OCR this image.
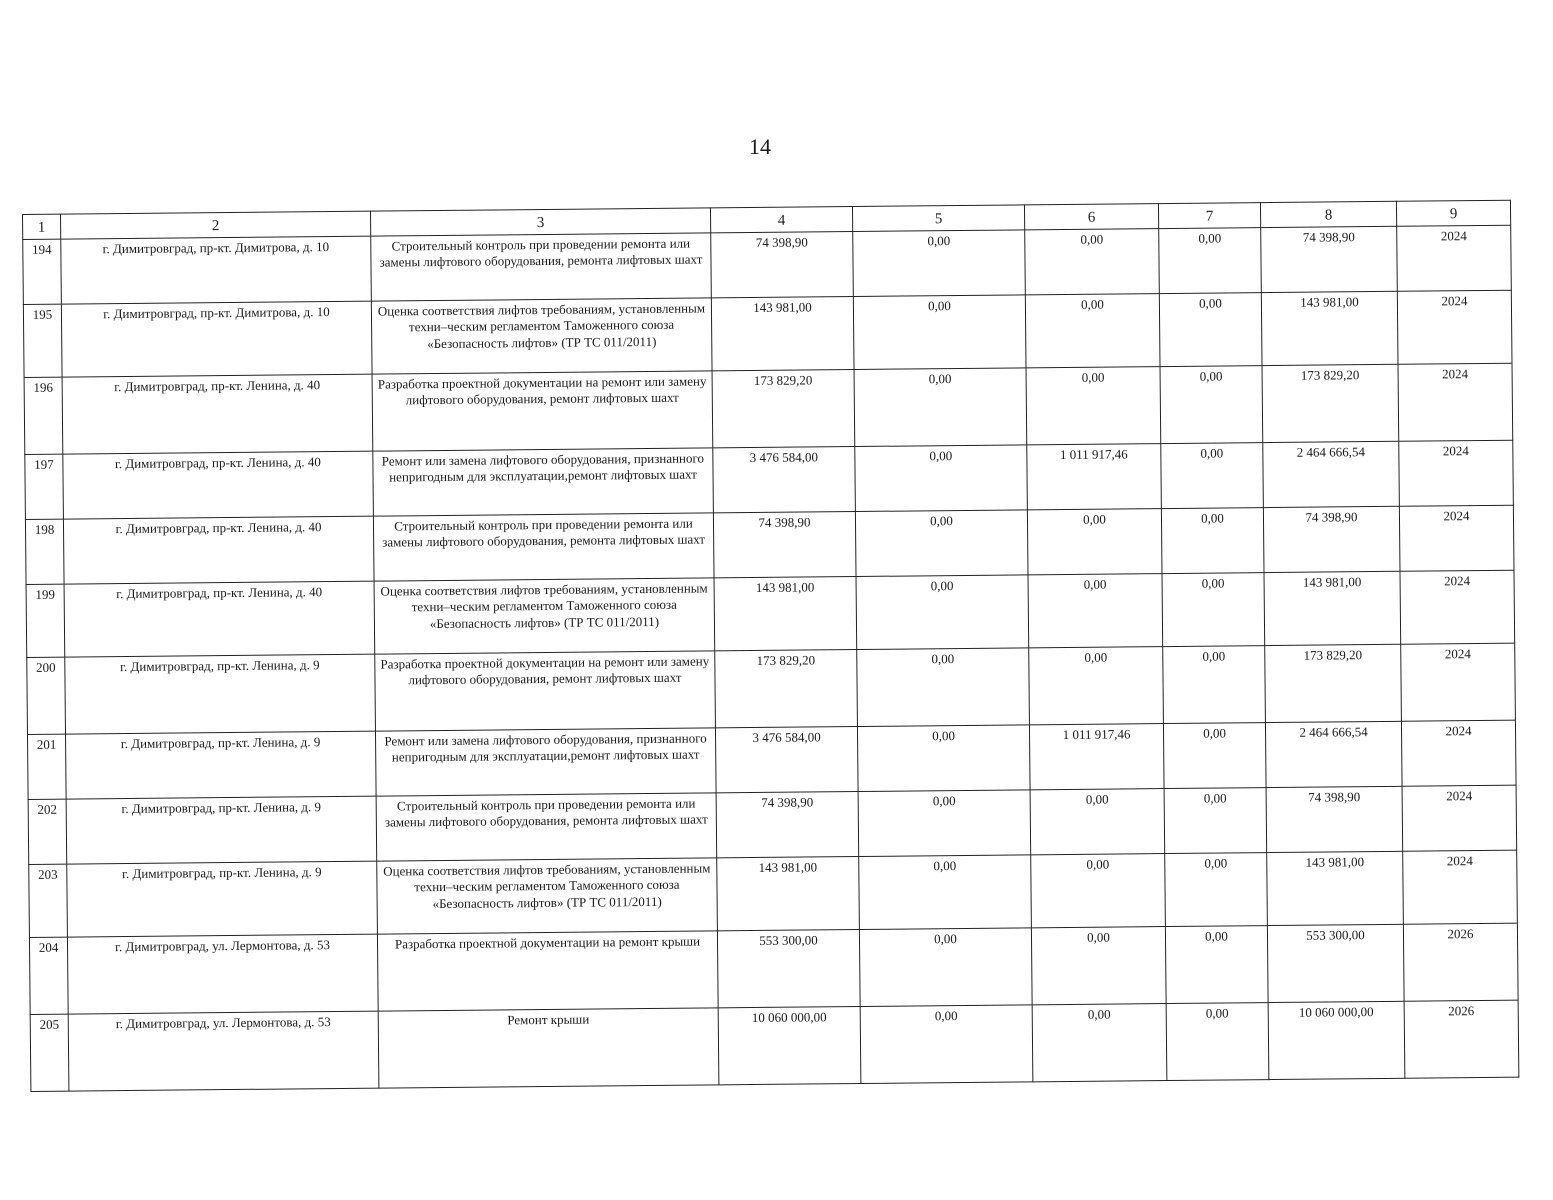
14
1	2	3	4	5	6	7	8	9
194	г. Димитровград, пр-кт. Димитрова, д. 10	Строительный контроль при проведении ремонта или замены лифтового оборудования, ремонта лифтовых шахт	74 398,90	0,00	0,00	0,00	74 398,90	2024
195	г. Димитровград, пр-кт. Димитрова, д. 10	Оценка соответствия лифтов требованиям, установленным техни–ческим регламентом Таможенного союза «Безопасность лифтов» (ТР ТС 011/2011)	143 981,00	0,00	0,00	0,00	143 981,00	2024
196	г. Димитровград, пр-кт. Ленина, д. 40	Разработка проектной документации на ремонт или замену лифтового оборудования, ремонт лифтовых шахт	173 829,20	0,00	0,00	0,00	173 829,20	2024
197	г. Димитровград, пр-кт. Ленина, д. 40	Ремонт или замена лифтового оборудования, признанного непригодным для эксплуатации,ремонт лифтовых шахт	3 476 584,00	0,00	1 011 917,46	0,00	2 464 666,54	2024
198	г. Димитровград, пр-кт. Ленина, д. 40	Строительный контроль при проведении ремонта или замены лифтового оборудования, ремонта лифтовых шахт	74 398,90	0,00	0,00	0,00	74 398,90	2024
199	г. Димитровград, пр-кт. Ленина, д. 40	Оценка соответствия лифтов требованиям, установленным техни–ческим регламентом Таможенного союза «Безопасность лифтов» (ТР ТС 011/2011)	143 981,00	0,00	0,00	0,00	143 981,00	2024
200	г. Димитровград, пр-кт. Ленина, д. 9	Разработка проектной документации на ремонт или замену лифтового оборудования, ремонт лифтовых шахт	173 829,20	0,00	0,00	0,00	173 829,20	2024
201	г. Димитровград, пр-кт. Ленина, д. 9	Ремонт или замена лифтового оборудования, признанного непригодным для эксплуатации,ремонт лифтовых шахт	3 476 584,00	0,00	1 011 917,46	0,00	2 464 666,54	2024
202	г. Димитровград, пр-кт. Ленина, д. 9	Строительный контроль при проведении ремонта или замены лифтового оборудования, ремонта лифтовых шахт	74 398,90	0,00	0,00	0,00	74 398,90	2024
203	г. Димитровград, пр-кт. Ленина, д. 9	Оценка соответствия лифтов требованиям, установленным техни–ческим регламентом Таможенного союза «Безопасность лифтов» (ТР ТС 011/2011)	143 981,00	0,00	0,00	0,00	143 981,00	2024
204	г. Димитровград, ул. Лермонтова, д. 53	Разработка проектной документации на ремонт крыши	553 300,00	0,00	0,00	0,00	553 300,00	2026
205	г. Димитровград, ул. Лермонтова, д. 53	Ремонт крыши	10 060 000,00	0,00	0,00	0,00	10 060 000,00	2026
